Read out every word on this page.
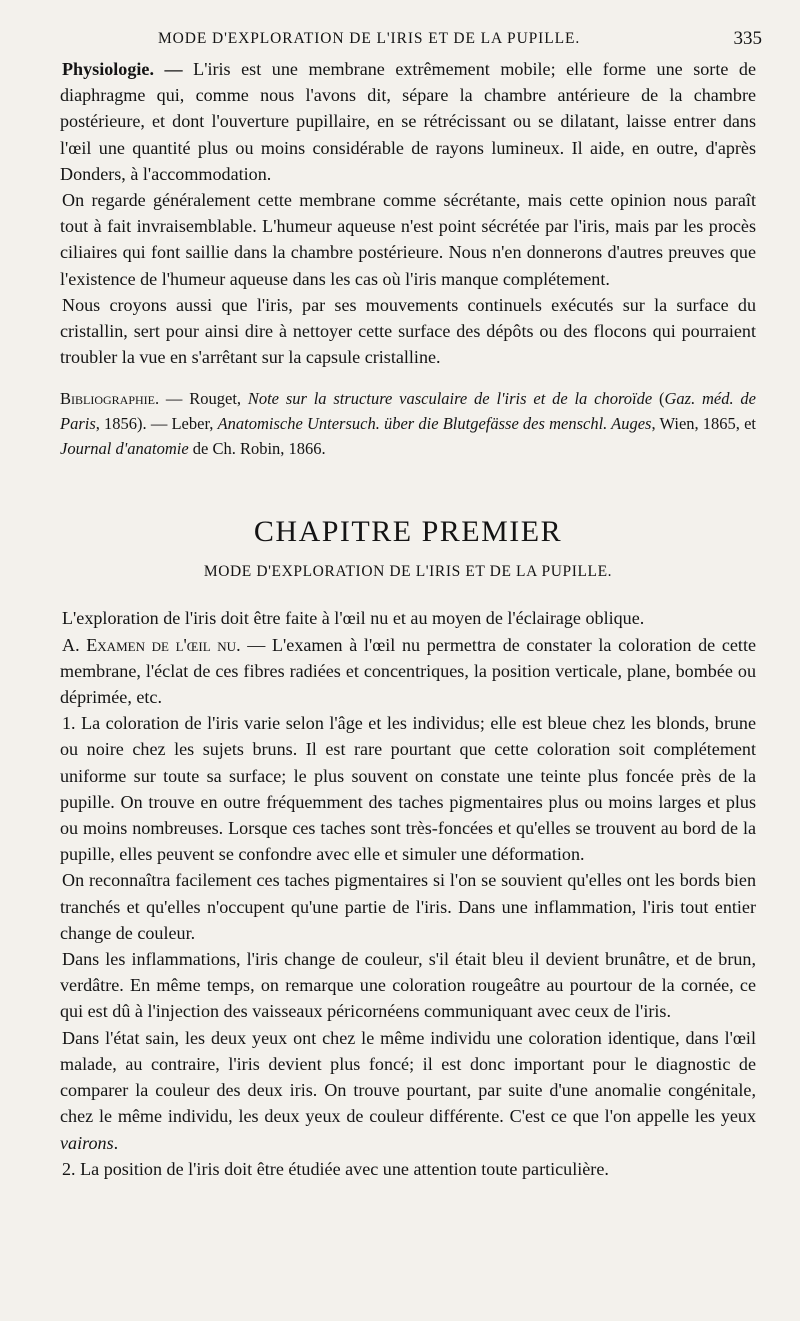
MODE D'EXPLORATION DE L'IRIS ET DE LA PUPILLE.	335

Physiologie. — L'iris est une membrane extrêmement mobile; elle forme une sorte de diaphragme qui, comme nous l'avons dit, sépare la chambre antérieure de la chambre postérieure, et dont l'ouverture pupillaire, en se rétrécissant ou se dilatant, laisse entrer dans l'œil une quantité plus ou moins considérable de rayons lumineux. Il aide, en outre, d'après Donders, à l'accommodation.

On regarde généralement cette membrane comme sécrétante, mais cette opinion nous paraît tout à fait invraisemblable. L'humeur aqueuse n'est point sécrétée par l'iris, mais par les procès ciliaires qui font saillie dans la chambre postérieure. Nous n'en donnerons d'autres preuves que l'existence de l'humeur aqueuse dans les cas où l'iris manque complétement.

Nous croyons aussi que l'iris, par ses mouvements continuels exécutés sur la surface du cristallin, sert pour ainsi dire à nettoyer cette surface des dépôts ou des flocons qui pourraient troubler la vue en s'arrêtant sur la capsule cristalline.

Bibliographie. — Rouget, Note sur la structure vasculaire de l'iris et de la choroïde (Gaz. méd. de Paris, 1856). — Leber, Anatomische Untersuch. über die Blutgefässe des menschl. Auges, Wien, 1865, et Journal d'anatomie de Ch. Robin, 1866.

CHAPITRE PREMIER
MODE D'EXPLORATION DE L'IRIS ET DE LA PUPILLE.

L'exploration de l'iris doit être faite à l'œil nu et au moyen de l'éclairage oblique.

A. Examen de l'œil nu. — L'examen à l'œil nu permettra de constater la coloration de cette membrane, l'éclat de ces fibres radiées et concentriques, la position verticale, plane, bombée ou déprimée, etc.

1. La coloration de l'iris varie selon l'âge et les individus; elle est bleue chez les blonds, brune ou noire chez les sujets bruns. Il est rare pourtant que cette coloration soit complétement uniforme sur toute sa surface; le plus souvent on constate une teinte plus foncée près de la pupille. On trouve en outre fréquemment des taches pigmentaires plus ou moins larges et plus ou moins nombreuses. Lorsque ces taches sont très-foncées et qu'elles se trouvent au bord de la pupille, elles peuvent se confondre avec elle et simuler une déformation.

On reconnaîtra facilement ces taches pigmentaires si l'on se souvient qu'elles ont les bords bien tranchés et qu'elles n'occupent qu'une partie de l'iris. Dans une inflammation, l'iris tout entier change de couleur.

Dans les inflammations, l'iris change de couleur, s'il était bleu il devient brunâtre, et de brun, verdâtre. En même temps, on remarque une coloration rougeâtre au pourtour de la cornée, ce qui est dû à l'injection des vaisseaux péricornéens communiquant avec ceux de l'iris.

Dans l'état sain, les deux yeux ont chez le même individu une coloration identique, dans l'œil malade, au contraire, l'iris devient plus foncé; il est donc important pour le diagnostic de comparer la couleur des deux iris. On trouve pourtant, par suite d'une anomalie congénitale, chez le même individu, les deux yeux de couleur différente. C'est ce que l'on appelle les yeux vairons.

2. La position de l'iris doit être étudiée avec une attention toute particulière.
